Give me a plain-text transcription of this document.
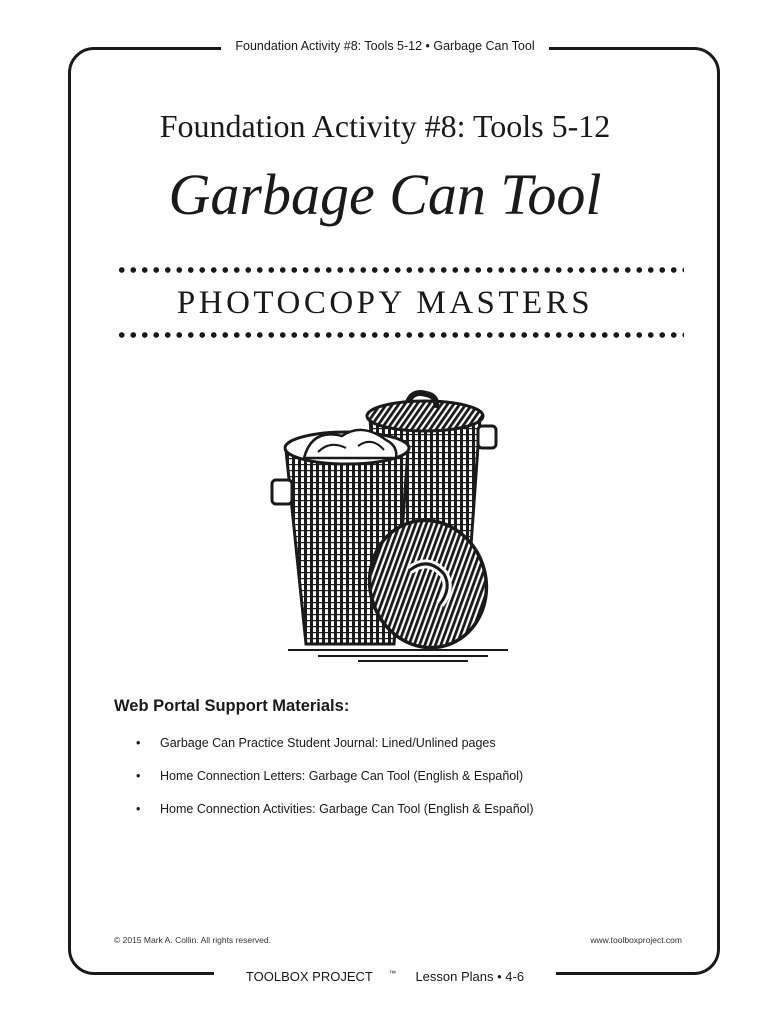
Foundation Activity #8: Tools 5-12 • Garbage Can Tool
Foundation Activity #8: Tools 5-12
Garbage Can Tool
PHOTOCOPY MASTERS
Web Portal Support Materials:
•	Garbage Can Practice Student Journal: Lined/Unlined pages
•	Home Connection Letters: Garbage Can Tool (English & Español)
•	Home Connection Activities: Garbage Can Tool (English & Español)
© 2015 Mark A. Collin. All rights reserved.	www.toolboxproject.com
TOOLBOX PROJECT ™ Lesson Plans • 4-6
